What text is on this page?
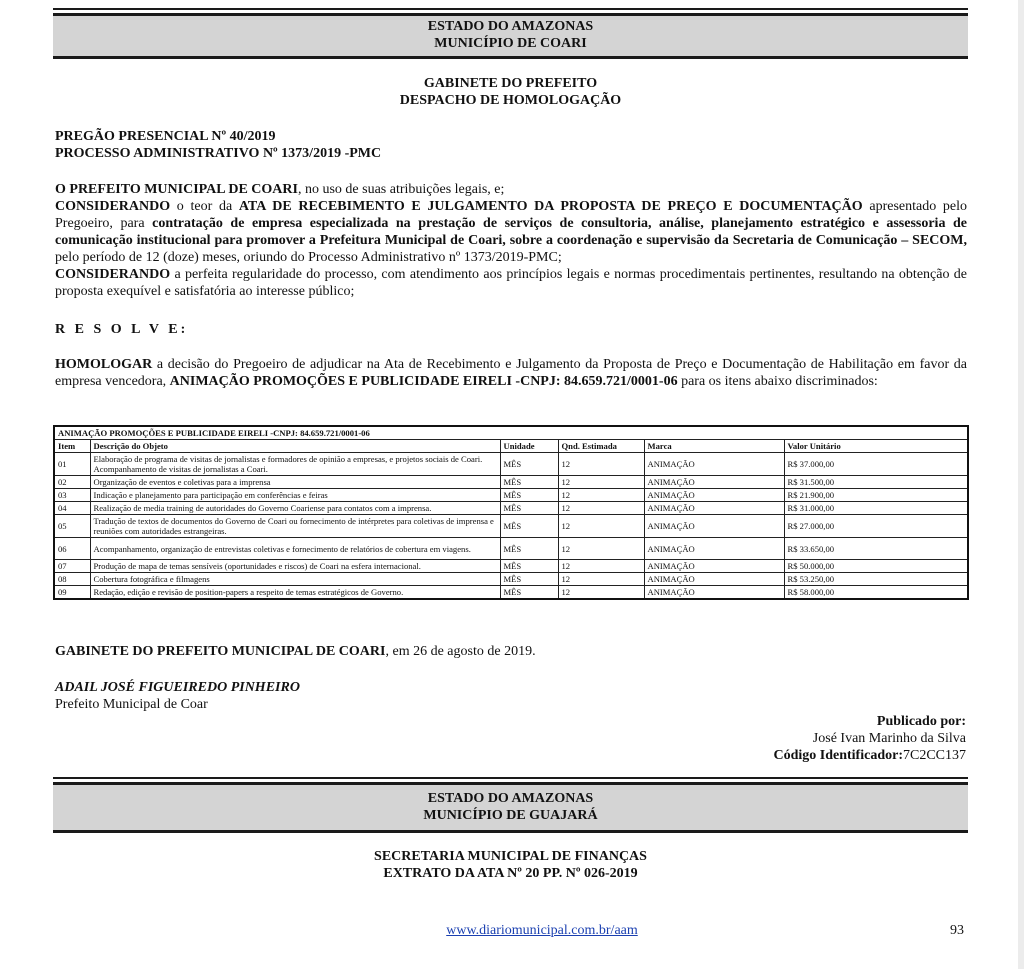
ESTADO DO AMAZONAS
MUNICÍPIO DE COARI
GABINETE DO PREFEITO
DESPACHO DE HOMOLOGAÇÃO
PREGÃO PRESENCIAL Nº 40/2019
PROCESSO ADMINISTRATIVO Nº 1373/2019 -PMC
O PREFEITO MUNICIPAL DE COARI, no uso de suas atribuições legais, e;
CONSIDERANDO o teor da ATA DE RECEBIMENTO E JULGAMENTO DA PROPOSTA DE PREÇO E DOCUMENTAÇÃO apresentado pelo Pregoeiro, para contratação de empresa especializada na prestação de serviços de consultoria, análise, planejamento estratégico e assessoria de comunicação institucional para promover a Prefeitura Municipal de Coari, sobre a coordenação e supervisão da Secretaria de Comunicação – SECOM, pelo período de 12 (doze) meses, oriundo do Processo Administrativo nº 1373/2019-PMC;
CONSIDERANDO a perfeita regularidade do processo, com atendimento aos princípios legais e normas procedimentais pertinentes, resultando na obtenção de proposta exequível e satisfatória ao interesse público;
R E S O L V E:
HOMOLOGAR a decisão do Pregoeiro de adjudicar na Ata de Recebimento e Julgamento da Proposta de Preço e Documentação de Habilitação em favor da empresa vencedora, ANIMAÇÃO PROMOÇÕES E PUBLICIDADE EIRELI -CNPJ: 84.659.721/0001-06 para os itens abaixo discriminados:
ANIMAÇÃO PROMOÇÕES E PUBLICIDADE EIRELI -CNPJ: 84.659.721/0001-06					
Item	Descrição do Objeto	Unidade	Qnd. Estimada	Marca	Valor Unitário
01	Elaboração de programa de visitas de jornalistas e formadores de opinião a empresas, e projetos sociais de Coari. Acompanhamento de visitas de jornalistas a Coari.	MÊS	12	ANIMAÇÃO	R$ 37.000,00
02	Organização de eventos e coletivas para a imprensa	MÊS	12	ANIMAÇÃO	R$ 31.500,00
03	Indicação e planejamento para participação em conferências e feiras	MÊS	12	ANIMAÇÃO	R$ 21.900,00
04	Realização de media training de autoridades do Governo Coariense para contatos com a imprensa.	MÊS	12	ANIMAÇÃO	R$ 31.000,00
05	Tradução de textos de documentos do Governo de Coari ou fornecimento de intérpretes para coletivas de imprensa e reuniões com autoridades estrangeiras.	MÊS	12	ANIMAÇÃO	R$ 27.000,00
06	Acompanhamento, organização de entrevistas coletivas e fornecimento de relatórios de cobertura em viagens.	MÊS	12	ANIMAÇÃO	R$ 33.650,00
07	Produção de mapa de temas sensíveis (oportunidades e riscos) de Coari na esfera internacional.	MÊS	12	ANIMAÇÃO	R$ 50.000,00
08	Cobertura fotográfica e filmagens	MÊS	12	ANIMAÇÃO	R$ 53.250,00
09	Redação, edição e revisão de position-papers a respeito de temas estratégicos de Governo.	MÊS	12	ANIMAÇÃO	R$ 58.000,00
GABINETE DO PREFEITO MUNICIPAL DE COARI, em 26 de agosto de 2019.
ADAIL JOSÉ FIGUEIREDO PINHEIRO
Prefeito Municipal de Coar
Publicado por:
José Ivan Marinho da Silva
Código Identificador:7C2CC137
ESTADO DO AMAZONAS
MUNICÍPIO DE GUAJARÁ
SECRETARIA MUNICIPAL DE FINANÇAS
EXTRATO DA ATA Nº 20 PP. Nº 026-2019
www.diariomunicipal.com.br/aam	93
